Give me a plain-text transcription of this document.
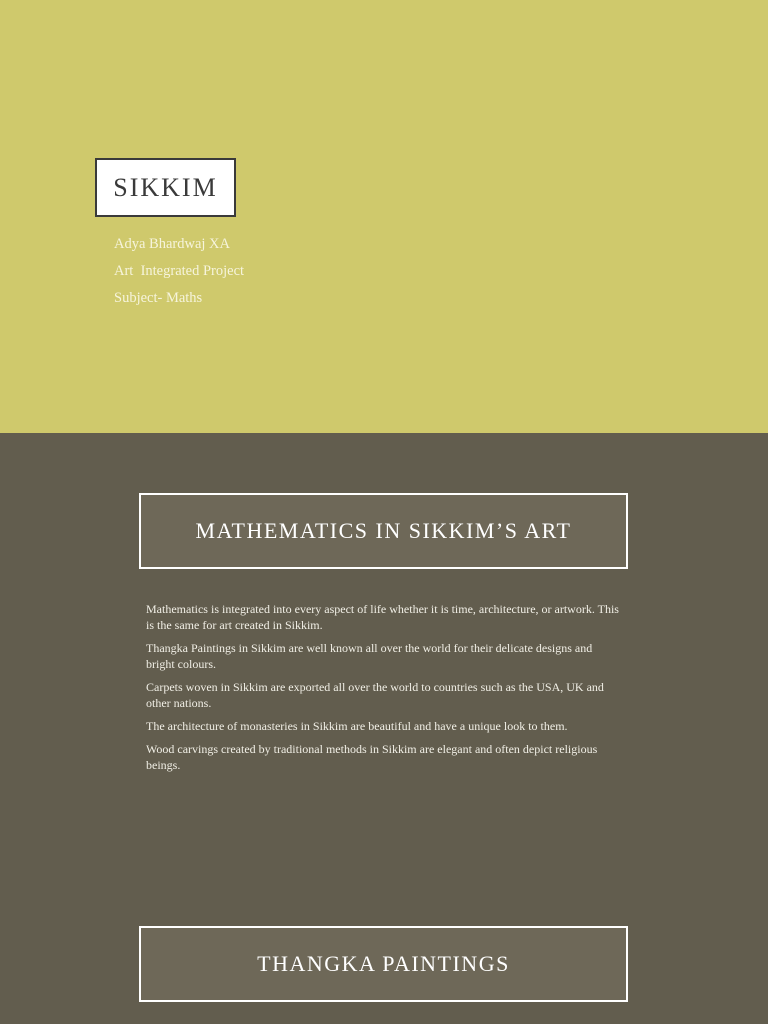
SIKKIM
Adya Bhardwaj XA
Art  Integrated Project
Subject- Maths
MATHEMATICS IN SIKKIM’S ART

Mathematics is integrated into every aspect of life whether it is time, architecture, or artwork. This is the same for art created in Sikkim.

Thangka Paintings in Sikkim are well known all over the world for their delicate designs and bright colours.

Carpets woven in Sikkim are exported all over the world to countries such as the USA, UK and other nations.

The architecture of monasteries in Sikkim are beautiful and have a unique look to them.

Wood carvings created by traditional methods in Sikkim are elegant and often depict religious beings.

THANGKA PAINTINGS
